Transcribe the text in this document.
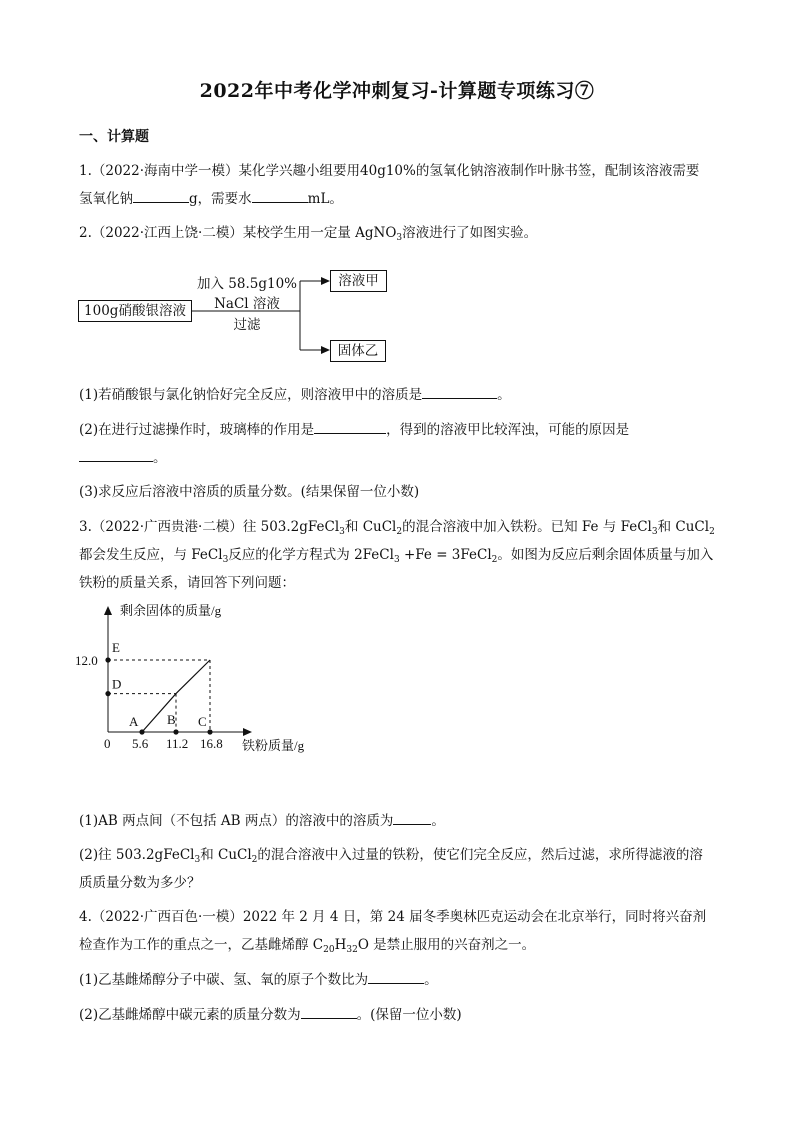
2022年中考化学冲刺复习-计算题专项练习⑦
一、计算题
1.（2022·海南中学一模）某化学兴趣小组要用40g10%的氢氧化钠溶液制作叶脉书签，配制该溶液需要
氢氧化钠	g，需要水	mL。
2.（2022·江西上饶·二模）某校学生用一定量 AgNO$_3$溶液进行了如图实验。
100g硝酸银溶液
溶液甲
固体乙
加入 58.5g10%
NaCl 溶液
过滤
(1)若硝酸银与氯化钠恰好完全反应，则溶液甲中的溶质是	。
(2)在进行过滤操作时，玻璃棒的作用是	，得到的溶液甲比较浑浊，可能的原因是
。
(3)求反应后溶液中溶质的质量分数。(结果保留一位小数)
3.（2022·广西贵港·二模）往 503.2gFeCl$_3$和 CuCl$_2$的混合溶液中加入铁粉。已知 Fe 与 FeCl$_3$和 CuCl$_2$
都会发生反应，与 FeCl$_3$反应的化学方程式为 2FeCl$_3$ +Fe = 3FeCl$_2$。如图为反应后剩余固体质量与加入
铁粉的质量关系，请回答下列问题：
剩余固体的质量/g
铁粉质量/g
12.0
0 5.6 11.2 16.8
A B C
D
E
(1)AB 两点间（不包括 AB 两点）的溶液中的溶质为	。
(2)往 503.2gFeCl$_3$和 CuCl$_2$的混合溶液中入过量的铁粉，使它们完全反应，然后过滤，求所得滤液的溶
质质量分数为多少？
4.（2022·广西百色·一模）2022 年 2 月 4 日，第 24 届冬季奥林匹克运动会在北京举行，同时将兴奋剂
检查作为工作的重点之一，乙基雌烯醇 $C_{20}H_{32}O$ 是禁止服用的兴奋剂之一。
(1)乙基雌烯醇分子中碳、氢、氧的原子个数比为	。
(2)乙基雌烯醇中碳元素的质量分数为	。(保留一位小数)
